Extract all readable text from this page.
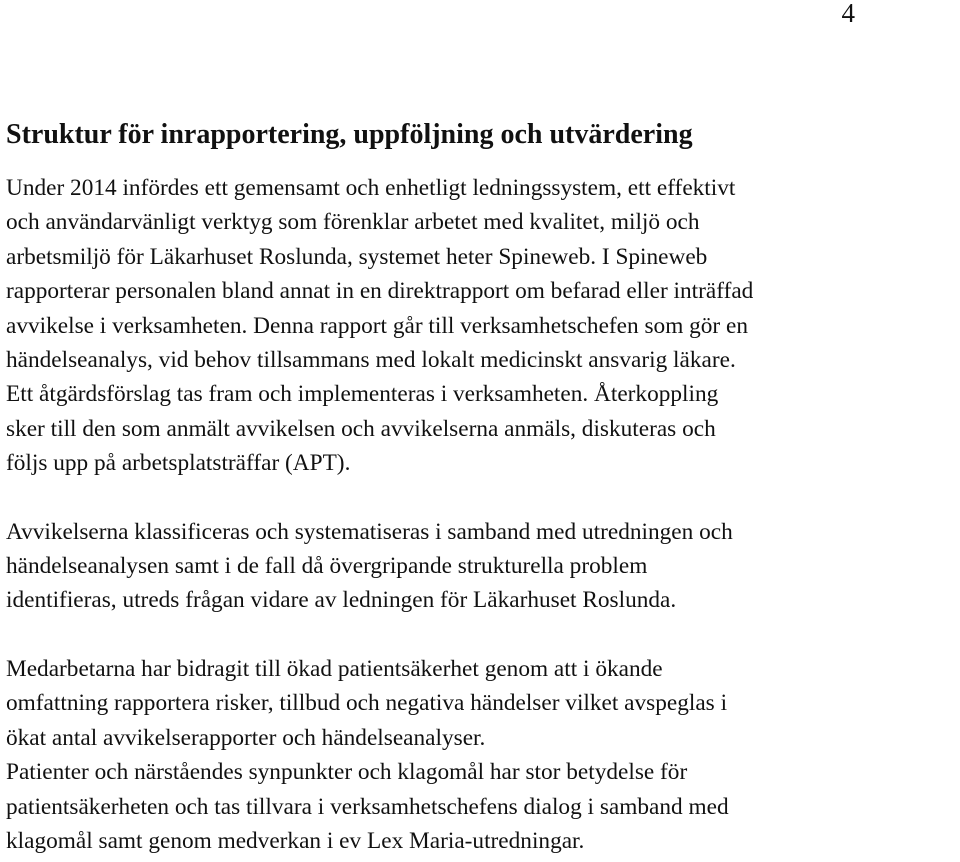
4
Struktur för inrapportering, uppföljning och utvärdering

Under 2014 infördes ett gemensamt och enhetligt ledningssystem, ett effektivt
och användarvänligt verktyg som förenklar arbetet med kvalitet, miljö och
arbetsmiljö för Läkarhuset Roslunda, systemet heter Spineweb. I Spineweb
rapporterar personalen bland annat in en direktrapport om befarad eller inträffad
avvikelse i verksamheten. Denna rapport går till verksamhetschefen som gör en
händelseanalys, vid behov tillsammans med lokalt medicinskt ansvarig läkare.
Ett åtgärdsförslag tas fram och implementeras i verksamheten. Återkoppling
sker till den som anmält avvikelsen och avvikelserna anmäls, diskuteras och
följs upp på arbetsplatsträffar (APT).

Avvikelserna klassificeras och systematiseras i samband med utredningen och
händelseanalysen samt i de fall då övergripande strukturella problem
identifieras, utreds frågan vidare av ledningen för Läkarhuset Roslunda.

Medarbetarna har bidragit till ökad patientsäkerhet genom att i ökande
omfattning rapportera risker, tillbud och negativa händelser vilket avspeglas i
ökat antal avvikelserapporter och händelseanalyser.
Patienter och närståendes synpunkter och klagomål har stor betydelse för
patientsäkerheten och tas tillvara i verksamhetschefens dialog i samband med
klagomål samt genom medverkan i ev Lex Maria-utredningar.
